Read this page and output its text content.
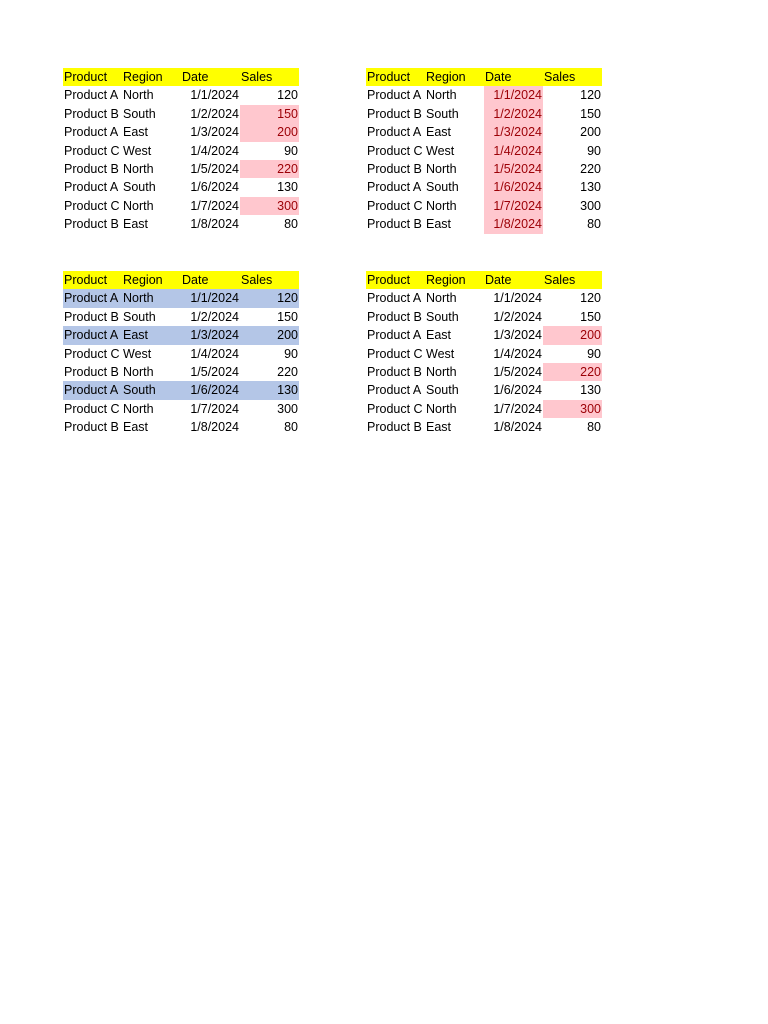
Product	Region	Date	Sales
Product A	North	1/1/2024	120
Product B	South	1/2/2024	150
Product A	East	1/3/2024	200
Product C	West	1/4/2024	90
Product B	North	1/5/2024	220
Product A	South	1/6/2024	130
Product C	North	1/7/2024	300
Product B	East	1/8/2024	80
Product	Region	Date	Sales
Product A	North	1/1/2024	120
Product B	South	1/2/2024	150
Product A	East	1/3/2024	200
Product C	West	1/4/2024	90
Product B	North	1/5/2024	220
Product A	South	1/6/2024	130
Product C	North	1/7/2024	300
Product B	East	1/8/2024	80
Product	Region	Date	Sales
Product A	North	1/1/2024	120
Product B	South	1/2/2024	150
Product A	East	1/3/2024	200
Product C	West	1/4/2024	90
Product B	North	1/5/2024	220
Product A	South	1/6/2024	130
Product C	North	1/7/2024	300
Product B	East	1/8/2024	80
Product	Region	Date	Sales
Product A	North	1/1/2024	120
Product B	South	1/2/2024	150
Product A	East	1/3/2024	200
Product C	West	1/4/2024	90
Product B	North	1/5/2024	220
Product A	South	1/6/2024	130
Product C	North	1/7/2024	300
Product B	East	1/8/2024	80
